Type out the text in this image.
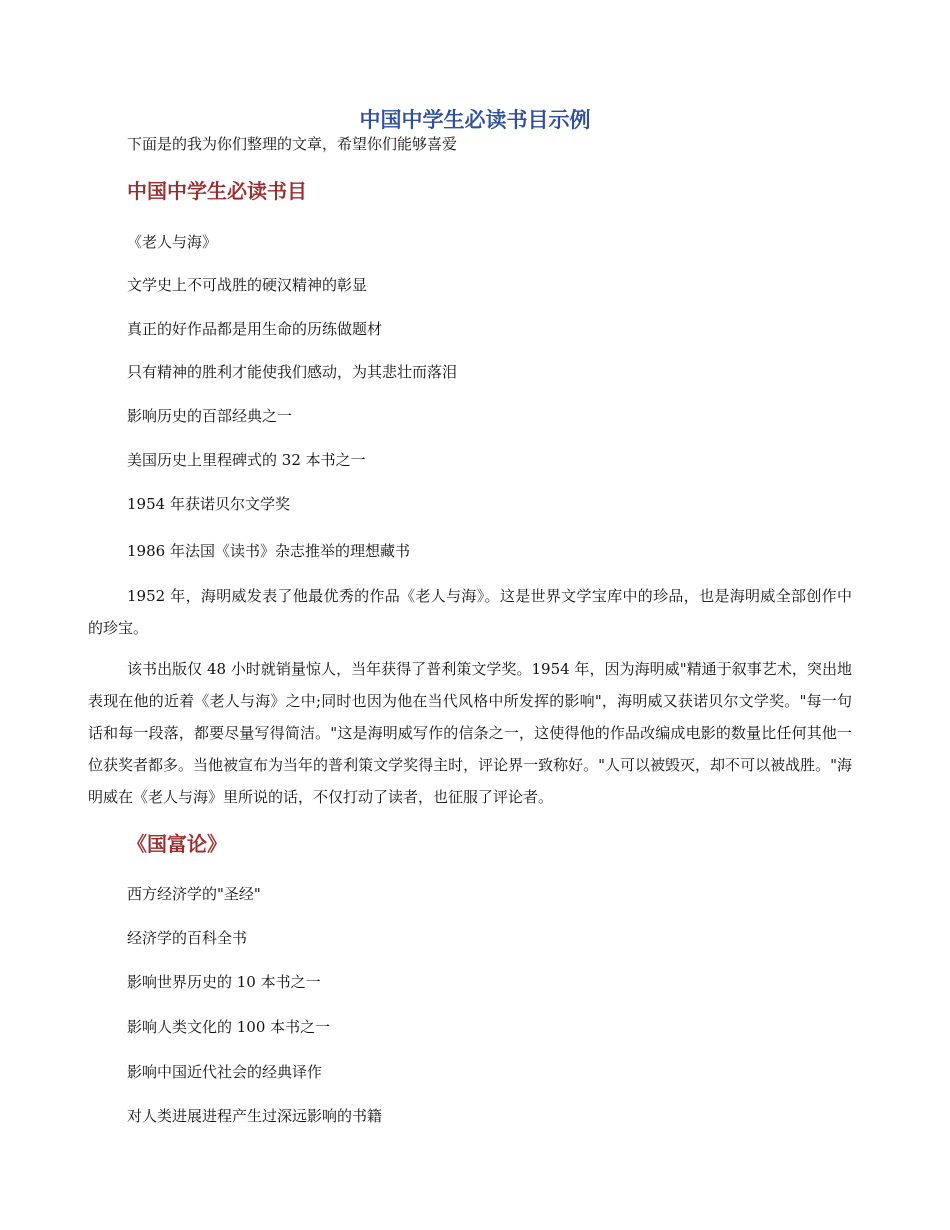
中国中学生必读书目示例

下面是的我为你们整理的文章，希望你们能够喜爱

中国中学生必读书目

《老人与海》

文学史上不可战胜的硬汉精神的彰显

真正的好作品都是用生命的历练做题材

只有精神的胜利才能使我们感动，为其悲壮而落泪

影响历史的百部经典之一

美国历史上里程碑式的 32 本书之一

1954 年获诺贝尔文学奖

1986 年法国《读书》杂志推举的理想藏书

1952 年，海明威发表了他最优秀的作品《老人与海》。这是世界文学宝库中的珍品，也是海明威全部创作中的珍宝。

该书出版仅 48 小时就销量惊人，当年获得了普利策文学奖。1954 年，因为海明威"精通于叙事艺术，突出地表现在他的近着《老人与海》之中;同时也因为他在当代风格中所发挥的影响"，海明威又获诺贝尔文学奖。"每一句话和每一段落，都要尽量写得简洁。"这是海明威写作的信条之一，这使得他的作品改编成电影的数量比任何其他一位获奖者都多。当他被宣布为当年的普利策文学奖得主时，评论界一致称好。"人可以被毁灭，却不可以被战胜。"海明威在《老人与海》里所说的话，不仅打动了读者，也征服了评论者。

《国富论》

西方经济学的"圣经"

经济学的百科全书

影响世界历史的 10 本书之一

影响人类文化的 100 本书之一

影响中国近代社会的经典译作

对人类进展进程产生过深远影响的书籍
